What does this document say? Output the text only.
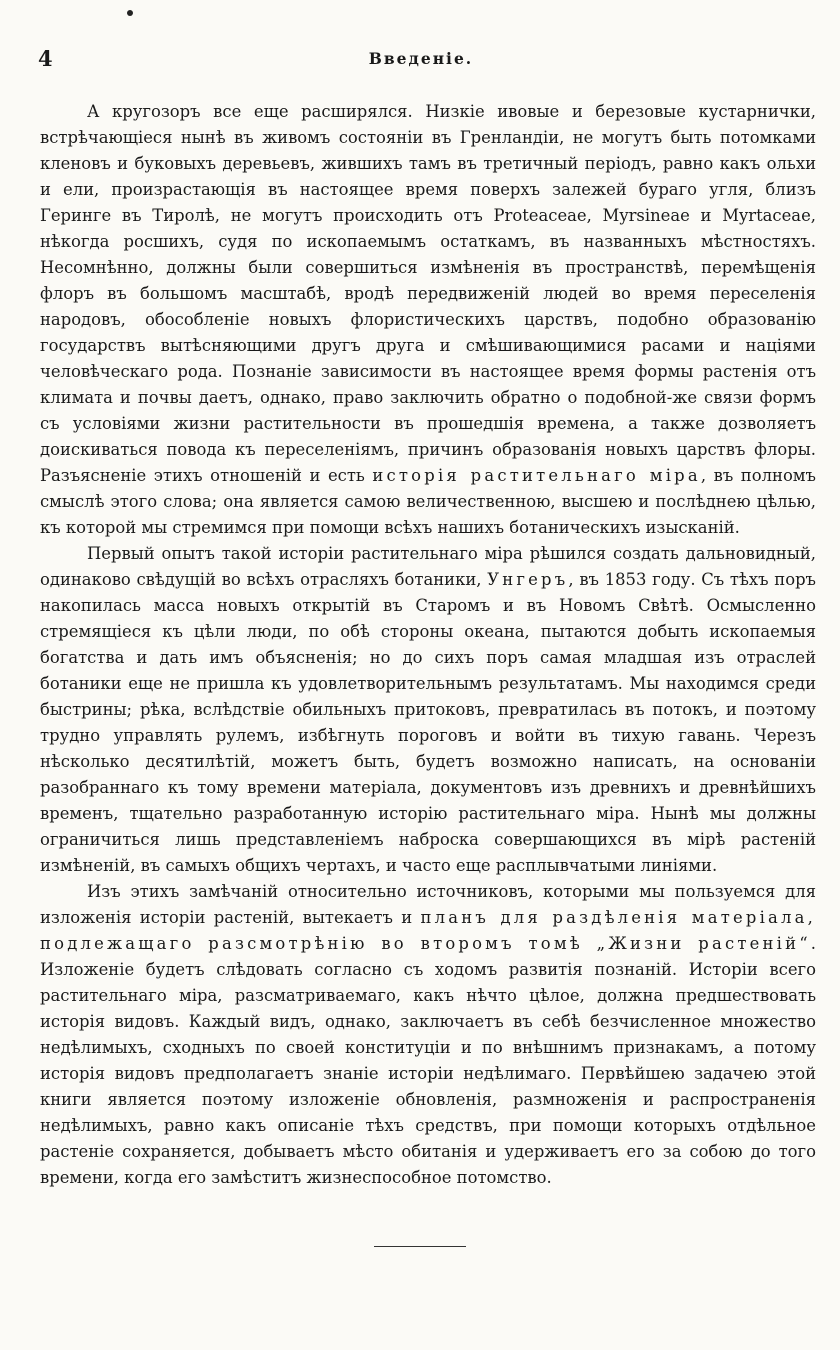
4	Введеніе.

А кругозоръ все еще расширялся. Низкіе ивовые и березовые кустарнички, встрѣчающіеся нынѣ въ живомъ состояніи въ Гренландіи, не могутъ быть потомками кленовъ и буковыхъ деревьевъ, жившихъ тамъ въ третичный періодъ, равно какъ ольхи и ели, произрастающія въ настоящее время поверхъ залежей бураго угля, близъ Геринге въ Тиролѣ, не могутъ происходить отъ Proteaceae, Myrsineae и Myrtaceae, нѣкогда росшихъ, судя по ископаемымъ остаткамъ, въ названныхъ мѣстностяхъ. Несомнѣнно, должны были совершиться измѣненія въ пространствѣ, перемѣщенія флоръ въ большомъ масштабѣ, вродѣ передвиженій людей во время переселенія народовъ, обособленіе новыхъ флористическихъ царствъ, подобно образованію государствъ вытѣсняющими другъ друга и смѣшивающимися расами и націями человѣческаго рода. Познаніе зависимости въ настоящее время формы растенія отъ климата и почвы даетъ, однако, право заключить обратно о подобной-же связи формъ съ условіями жизни растительности въ прошедшія времена, а также дозволяетъ доискиваться повода къ переселеніямъ, причинъ образованія новыхъ царствъ флоры. Разъясненіе этихъ отношеній и есть исторія растительнаго міра, въ полномъ смыслѣ этого слова; она является самою величественною, высшею и послѣднею цѣлью, къ которой мы стремимся при помощи всѣхъ нашихъ ботаническихъ изысканій.

Первый опытъ такой исторіи растительнаго міра рѣшился создать дальновидный, одинаково свѣдущій во всѣхъ отрасляхъ ботаники, Унгеръ, въ 1853 году. Съ тѣхъ поръ накопилась масса новыхъ открытій въ Старомъ и въ Новомъ Свѣтѣ. Осмысленно стремящіеся къ цѣли люди, по обѣ стороны океана, пытаются добыть ископаемыя богатства и дать имъ объясненія; но до сихъ поръ самая младшая изъ отраслей ботаники еще не пришла къ удовлетворительнымъ результатамъ. Мы находимся среди быстрины; рѣка, вслѣдствіе обильныхъ притоковъ, превратилась въ потокъ, и поэтому трудно управлять рулемъ, избѣгнуть пороговъ и войти въ тихую гавань. Черезъ нѣсколько десятилѣтій, можетъ быть, будетъ возможно написать, на основаніи разобраннаго къ тому времени матеріала, документовъ изъ древнихъ и древнѣйшихъ временъ, тщательно разработанную исторію растительнаго міра. Нынѣ мы должны ограничиться лишь представленіемъ наброска совершающихся въ мірѣ растеній измѣненій, въ самыхъ общихъ чертахъ, и часто еще расплывчатыми линіями.

Изъ этихъ замѣчаній относительно источниковъ, которыми мы пользуемся для изложенія исторіи растеній, вытекаетъ и планъ для раздѣленія матеріала, подлежащаго разсмотрѣнію во второмъ томѣ „Жизни растеній“. Изложеніе будетъ слѣдовать согласно съ ходомъ развитія познаній. Исторіи всего растительнаго міра, разсматриваемаго, какъ нѣчто цѣлое, должна предшествовать исторія видовъ. Каждый видъ, однако, заключаетъ въ себѣ безчисленное множество недѣлимыхъ, сходныхъ по своей конституціи и по внѣшнимъ признакамъ, а потому исторія видовъ предполагаетъ знаніе исторіи недѣлимаго. Первѣйшею задачею этой книги является поэтому изложеніе обновленія, размноженія и распространенія недѣлимыхъ, равно какъ описаніе тѣхъ средствъ, при помощи которыхъ отдѣльное растеніе сохраняется, добываетъ мѣсто обитанія и удерживаетъ его за собою до того времени, когда его замѣститъ жизнеспособное потомство.
